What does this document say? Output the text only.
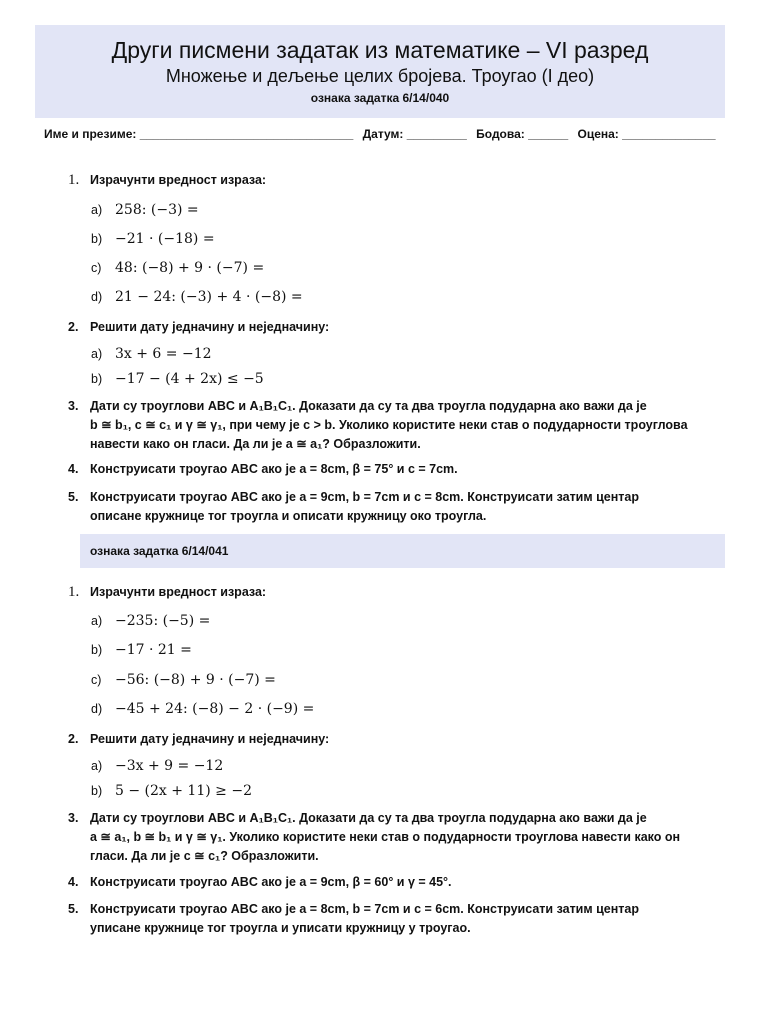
Други писмени задатак из математике – VI разред
Множење и дељење целих бројева. Троугао (I део)
ознака задатка 6/14/040
Име и презиме: ________________________________ Датум: _________ Бодова: ______ Оцена: ______________
1. Израчунти вредност израза:
a) 258: (−3) =
b) −21 · (−18) =
c) 48: (−8) + 9 · (−7) =
d) 21 − 24: (−3) + 4 · (−8) =
2. Решити дату једначину и неједначину:
a) 3x + 6 = −12
b) −17 − (4 + 2x) ≤ −5
3. Дати су троуглови ABC и A₁B₁C₁. Доказати да су та два троугла подударна ако важи да је
b ≅ b₁, c ≅ c₁ и γ ≅ γ₁, при чему је c > b. Уколико користите неки став о подударности троуглова
навести како он гласи. Да ли је a ≅ a₁? Образложити.
4. Конструисати троугао ABC ако је a = 8cm, β = 75° и c = 7cm.
5. Конструисати троугао ABC ако је a = 9cm, b = 7cm и c = 8cm. Конструисати затим центар
описане кружнице тог троугла и описати кружницу око троугла.
ознака задатка 6/14/041
1. Израчунти вредност израза:
a) −235: (−5) =
b) −17 · 21 =
c) −56: (−8) + 9 · (−7) =
d) −45 + 24: (−8) − 2 · (−9) =
2. Решити дату једначину и неједначину:
a) −3x + 9 = −12
b) 5 − (2x + 11) ≥ −2
3. Дати су троуглови ABC и A₁B₁C₁. Доказати да су та два троугла подударна ако важи да је
a ≅ a₁, b ≅ b₁ и γ ≅ γ₁. Уколико користите неки став о подударности троуглова навести како он
гласи. Да ли је c ≅ c₁? Образложити.
4. Конструисати троугао ABC ако је a = 9cm, β = 60° и γ = 45°.
5. Конструисати троугао ABC ако је a = 8cm, b = 7cm и c = 6cm. Конструисати затим центар
уписане кружнице тог троугла и уписати кружницу у троугао.
